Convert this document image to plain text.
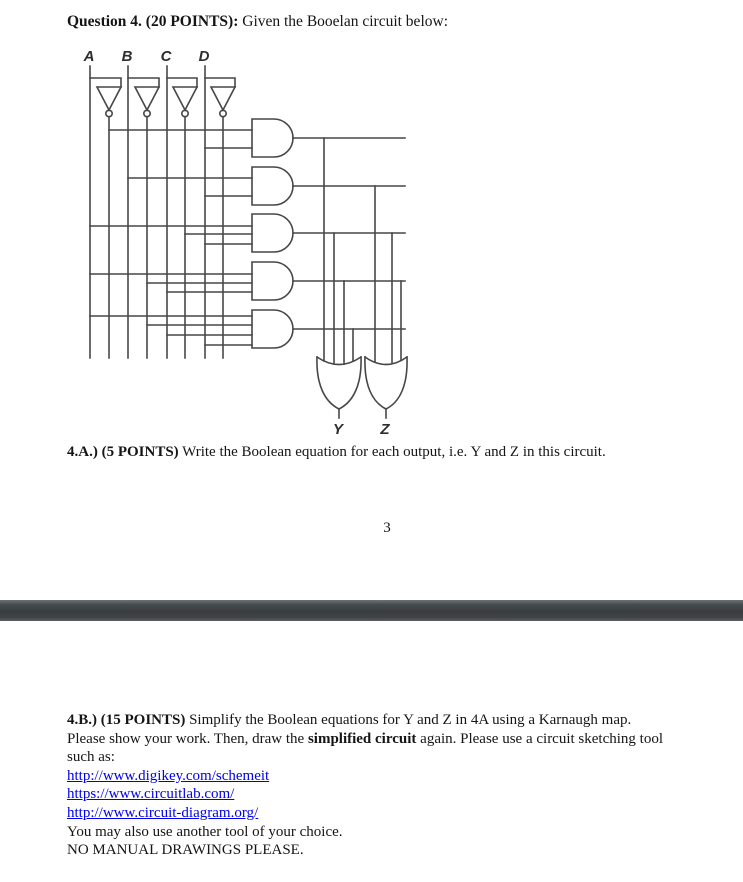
Question 4. (20 POINTS): Given the Booelan circuit below:
A B C D
Y Z
4.A.) (5 POINTS) Write the Boolean equation for each output, i.e. Y and Z in this circuit.
3
4.B.) (15 POINTS) Simplify the Boolean equations for Y and Z in 4A using a Karnaugh map.
Please show your work. Then, draw the simplified circuit again. Please use a circuit sketching tool
such as:
http://www.digikey.com/schemeit
https://www.circuitlab.com/
http://www.circuit-diagram.org/
You may also use another tool of your choice.
NO MANUAL DRAWINGS PLEASE.
